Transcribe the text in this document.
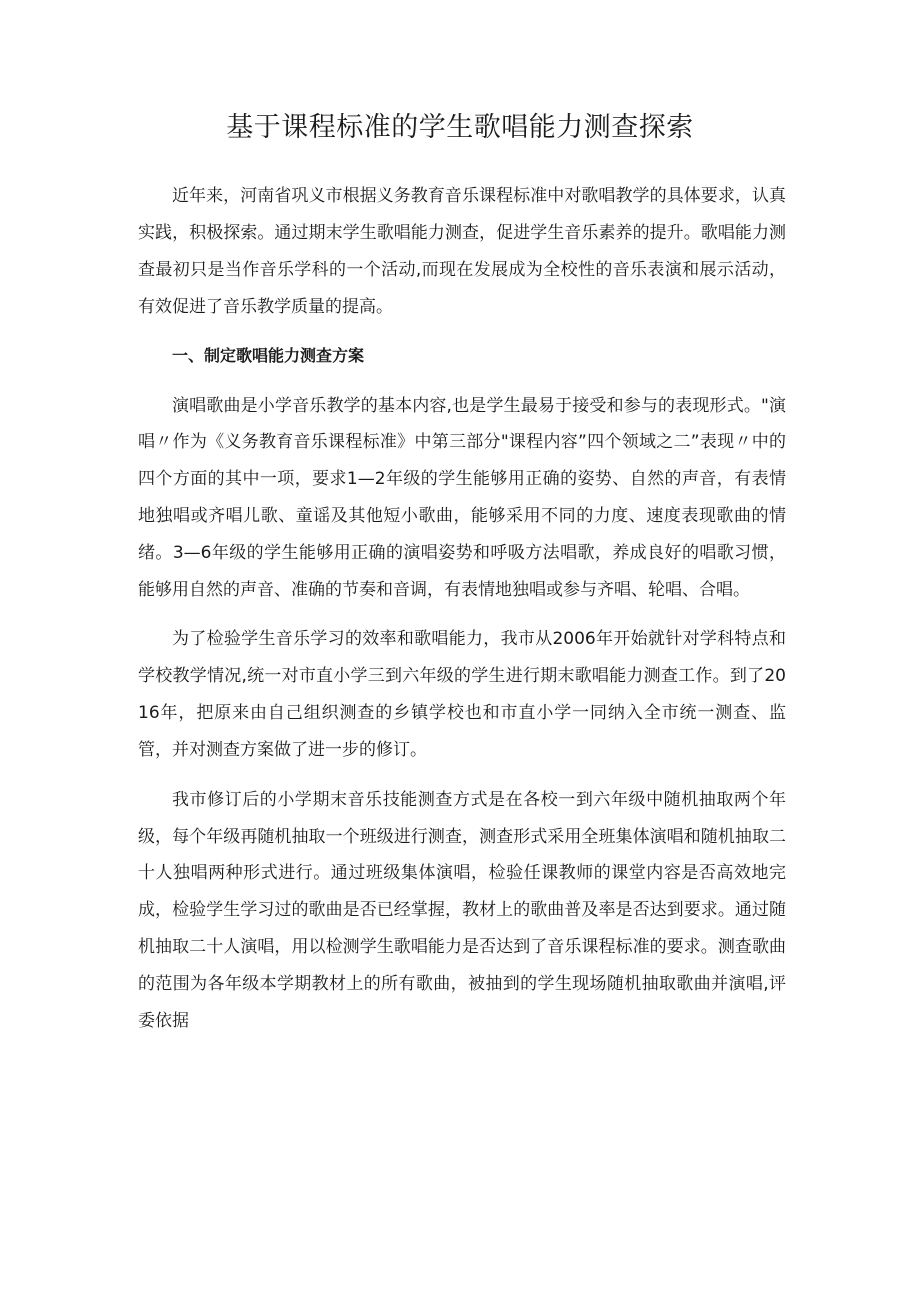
基于课程标准的学生歌唱能力测查探索

近年来，河南省巩义市根据义务教育音乐课程标准中对歌唱教学的具体要求，认真实践，积极探索。通过期末学生歌唱能力测查，促进学生音乐素养的提升。歌唱能力测查最初只是当作音乐学科的一个活动,而现在发展成为全校性的音乐表演和展示活动，有效促进了音乐教学质量的提高。

一、制定歌唱能力测查方案

演唱歌曲是小学音乐教学的基本内容,也是学生最易于接受和参与的表现形式。"演唱〃作为《义务教育音乐课程标准》中第三部分"课程内容”四个领域之二”表现〃中的四个方面的其中一项，要求1—2年级的学生能够用正确的姿势、自然的声音，有表情地独唱或齐唱儿歌、童谣及其他短小歌曲，能够采用不同的力度、速度表现歌曲的情绪。3—6年级的学生能够用正确的演唱姿势和呼吸方法唱歌，养成良好的唱歌习惯，能够用自然的声音、准确的节奏和音调，有表情地独唱或参与齐唱、轮唱、合唱。

为了检验学生音乐学习的效率和歌唱能力，我市从2006年开始就针对学科特点和学校教学情况,统一对市直小学三到六年级的学生进行期末歌唱能力测查工作。到了2016年，把原来由自己组织测查的乡镇学校也和市直小学一同纳入全市统一测查、监管，并对测查方案做了进一步的修订。

我市修订后的小学期末音乐技能测查方式是在各校一到六年级中随机抽取两个年级，每个年级再随机抽取一个班级进行测查，测查形式采用全班集体演唱和随机抽取二十人独唱两种形式进行。通过班级集体演唱，检验任课教师的课堂内容是否高效地完成，检验学生学习过的歌曲是否已经掌握，教材上的歌曲普及率是否达到要求。通过随机抽取二十人演唱，用以检测学生歌唱能力是否达到了音乐课程标准的要求。测查歌曲的范围为各年级本学期教材上的所有歌曲，被抽到的学生现场随机抽取歌曲并演唱,评委依据
